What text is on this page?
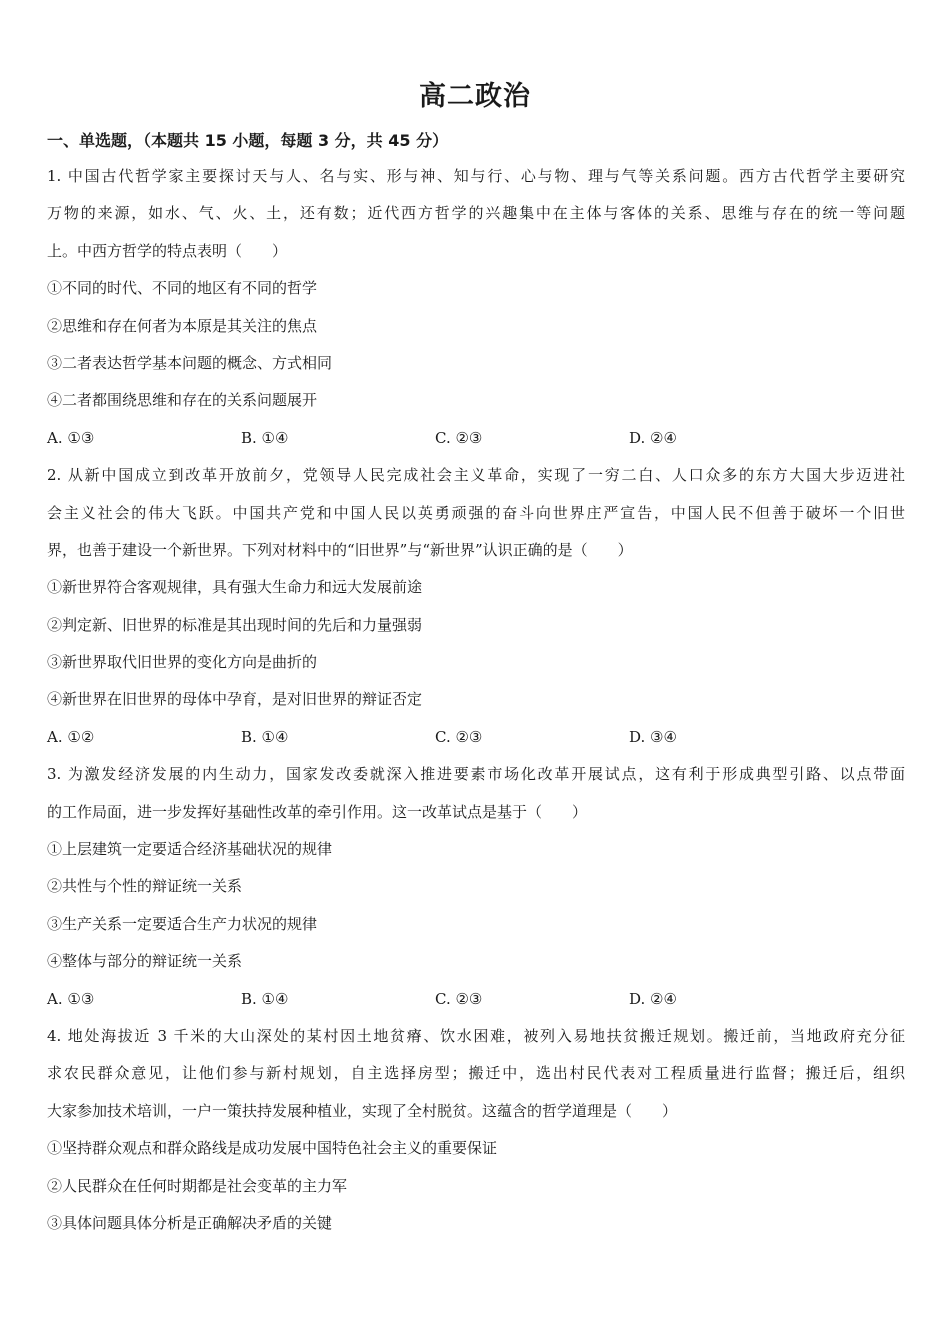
高二政治
一、单选题，（本题共 15 小题，每题 3 分，共 45 分）
1. 中国古代哲学家主要探讨天与人、名与实、形与神、知与行、心与物、理与气等关系问题。西方古代哲学主要研究
万物的来源，如水、气、火、土，还有数；近代西方哲学的兴趣集中在主体与客体的关系、思维与存在的统一等问题
上。中西方哲学的特点表明（　　）
①不同的时代、不同的地区有不同的哲学
②思维和存在何者为本原是其关注的焦点
③二者表达哲学基本问题的概念、方式相同
④二者都围绕思维和存在的关系问题展开
A. ①③	B. ①④	C. ②③	D. ②④
2. 从新中国成立到改革开放前夕，党领导人民完成社会主义革命，实现了一穷二白、人口众多的东方大国大步迈进社
会主义社会的伟大飞跃。中国共产党和中国人民以英勇顽强的奋斗向世界庄严宣告，中国人民不但善于破坏一个旧世
界，也善于建设一个新世界。下列对材料中的“旧世界”与“新世界”认识正确的是（　　）
①新世界符合客观规律，具有强大生命力和远大发展前途
②判定新、旧世界的标准是其出现时间的先后和力量强弱
③新世界取代旧世界的变化方向是曲折的
④新世界在旧世界的母体中孕育，是对旧世界的辩证否定
A. ①②	B. ①④	C. ②③	D. ③④
3. 为激发经济发展的内生动力，国家发改委就深入推进要素市场化改革开展试点，这有利于形成典型引路、以点带面
的工作局面，进一步发挥好基础性改革的牵引作用。这一改革试点是基于（　　）
①上层建筑一定要适合经济基础状况的规律
②共性与个性的辩证统一关系
③生产关系一定要适合生产力状况的规律
④整体与部分的辩证统一关系
A. ①③	B. ①④	C. ②③	D. ②④
4. 地处海拔近 3 千米的大山深处的某村因土地贫瘠、饮水困难，被列入易地扶贫搬迁规划。搬迁前，当地政府充分征
求农民群众意见，让他们参与新村规划，自主选择房型；搬迁中，选出村民代表对工程质量进行监督；搬迁后，组织
大家参加技术培训，一户一策扶持发展种植业，实现了全村脱贫。这蕴含的哲学道理是（　　）
①坚持群众观点和群众路线是成功发展中国特色社会主义的重要保证
②人民群众在任何时期都是社会变革的主力军
③具体问题具体分析是正确解决矛盾的关键
